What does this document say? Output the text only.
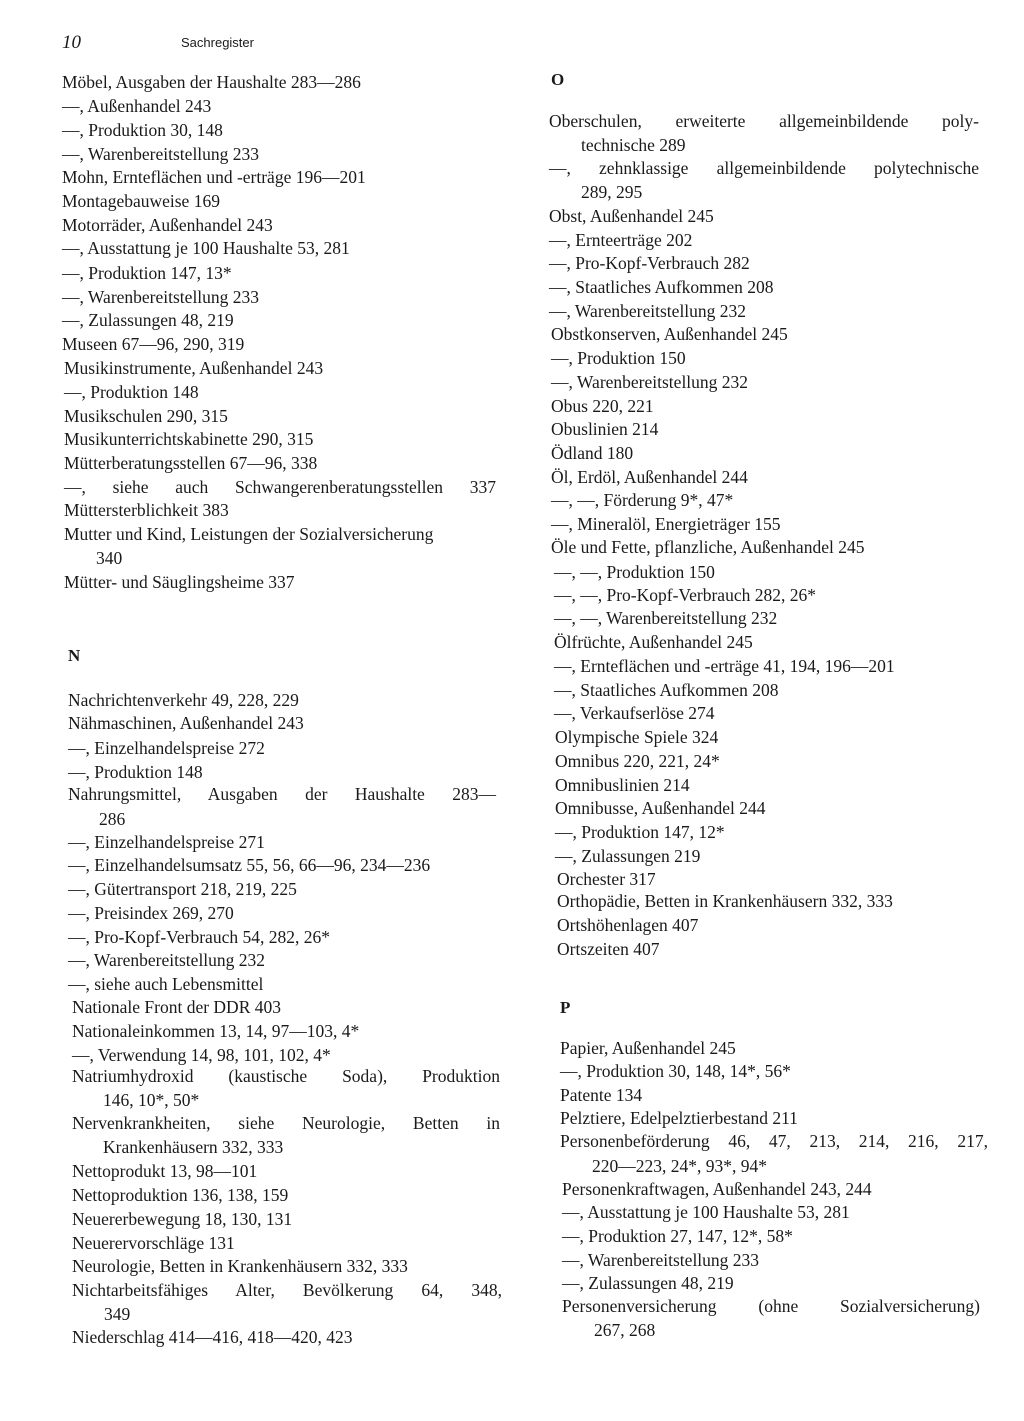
10	Sachregister
Möbel, Ausgaben der Haushalte 283—286
—, Außenhandel 243
—, Produktion 30, 148
—, Warenbereitstellung 233
Mohn, Ernteflächen und -erträge 196—201
Montagebauweise 169
Motorräder, Außenhandel 243
—, Ausstattung je 100 Haushalte 53, 281
—, Produktion 147, 13*
—, Warenbereitstellung 233
—, Zulassungen 48, 219
Museen 67—96, 290, 319
Musikinstrumente, Außenhandel 243
—, Produktion 148
Musikschulen 290, 315
Musikunterrichtskabinette 290, 315
Mütterberatungsstellen 67—96, 338
—, siehe auch Schwangerenberatungsstellen 337
Müttersterblichkeit 383
Mutter und Kind, Leistungen der Sozialversicherung
340
Mütter- und Säuglingsheime 337
N
Nachrichtenverkehr 49, 228, 229
Nähmaschinen, Außenhandel 243
—, Einzelhandelspreise 272
—, Produktion 148
Nahrungsmittel, Ausgaben der Haushalte 283—
286
—, Einzelhandelspreise 271
—, Einzelhandelsumsatz 55, 56, 66—96, 234—236
—, Gütertransport 218, 219, 225
—, Preisindex 269, 270
—, Pro-Kopf-Verbrauch 54, 282, 26*
—, Warenbereitstellung 232
—, siehe auch Lebensmittel
Nationale Front der DDR 403
Nationaleinkommen 13, 14, 97—103, 4*
—, Verwendung 14, 98, 101, 102, 4*
Natriumhydroxid (kaustische Soda), Produktion
146, 10*, 50*
Nervenkrankheiten, siehe Neurologie, Betten in
Krankenhäusern 332, 333
Nettoprodukt 13, 98—101
Nettoproduktion 136, 138, 159
Neuererbewegung 18, 130, 131
Neuerervorschläge 131
Neurologie, Betten in Krankenhäusern 332, 333
Nichtarbeitsfähiges Alter, Bevölkerung 64, 348,
349
Niederschlag 414—416, 418—420, 423
O
Oberschulen, erweiterte allgemeinbildende poly-
technische 289
—, zehnklassige allgemeinbildende polytechnische
289, 295
Obst, Außenhandel 245
—, Ernteerträge 202
—, Pro-Kopf-Verbrauch 282
—, Staatliches Aufkommen 208
—, Warenbereitstellung 232
Obstkonserven, Außenhandel 245
—, Produktion 150
—, Warenbereitstellung 232
Obus 220, 221
Obuslinien 214
Ödland 180
Öl, Erdöl, Außenhandel 244
—, —, Förderung 9*, 47*
—, Mineralöl, Energieträger 155
Öle und Fette, pflanzliche, Außenhandel 245
—, —, Produktion 150
—, —, Pro-Kopf-Verbrauch 282, 26*
—, —, Warenbereitstellung 232
Ölfrüchte, Außenhandel 245
—, Ernteflächen und -erträge 41, 194, 196—201
—, Staatliches Aufkommen 208
—, Verkaufserlöse 274
Olympische Spiele 324
Omnibus 220, 221, 24*
Omnibuslinien 214
Omnibusse, Außenhandel 244
—, Produktion 147, 12*
—, Zulassungen 219
Orchester 317
Orthopädie, Betten in Krankenhäusern 332, 333
Ortshöhenlagen 407
Ortszeiten 407
P
Papier, Außenhandel 245
—, Produktion 30, 148, 14*, 56*
Patente 134
Pelztiere, Edelpelztierbestand 211
Personenbeförderung 46, 47, 213, 214, 216, 217,
220—223, 24*, 93*, 94*
Personenkraftwagen, Außenhandel 243, 244
—, Ausstattung je 100 Haushalte 53, 281
—, Produktion 27, 147, 12*, 58*
—, Warenbereitstellung 233
—, Zulassungen 48, 219
Personenversicherung (ohne Sozialversicherung)
267, 268
